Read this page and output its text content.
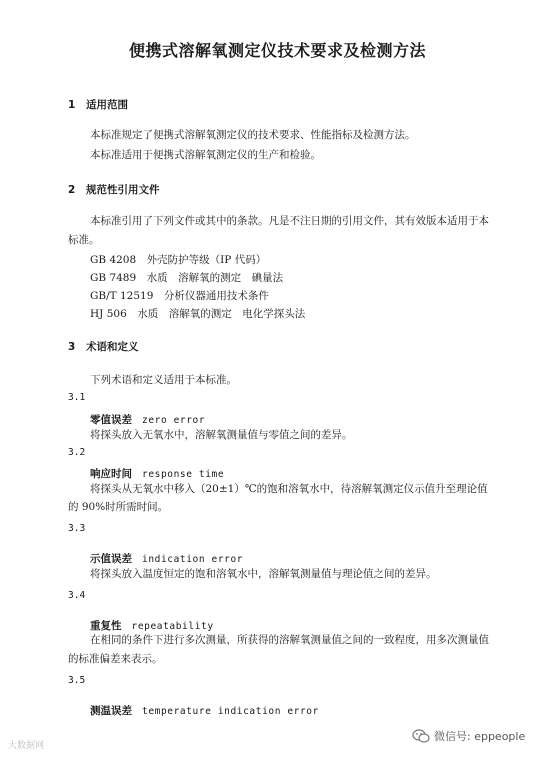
便携式溶解氧测定仪技术要求及检测方法
1 适用范围
本标准规定了便携式溶解氧测定仪的技术要求、性能指标及检测方法。
本标准适用于便携式溶解氧测定仪的生产和检验。
2 规范性引用文件
本标准引用了下列文件或其中的条款。凡是不注日期的引用文件，其有效版本适用于本
标准。
GB 4208　外壳防护等级（IP 代码）
GB 7489　水质　溶解氧的测定　碘量法
GB/T 12519　分析仪器通用技术条件
HJ 506　水质　溶解氧的测定　电化学探头法
3 术语和定义
下列术语和定义适用于本标准。
3.1
零值误差 zero error
将探头放入无氧水中，溶解氧测量值与零值之间的差异。
3.2
响应时间 response time
将探头从无氧水中移入（20±1）℃的饱和溶氧水中，待溶解氧测定仪示值升至理论值
的 90%时所需时间。
3.3
示值误差 indication error
将探头放入温度恒定的饱和溶氧水中，溶解氧测量值与理论值之间的差异。
3.4
重复性 repeatability
在相同的条件下进行多次测量，所获得的溶解氧测量值之间的一致程度，用多次测量值
的标准偏差来表示。
3.5
测温误差 temperature indication error
微信号: eppeople
大数据网
